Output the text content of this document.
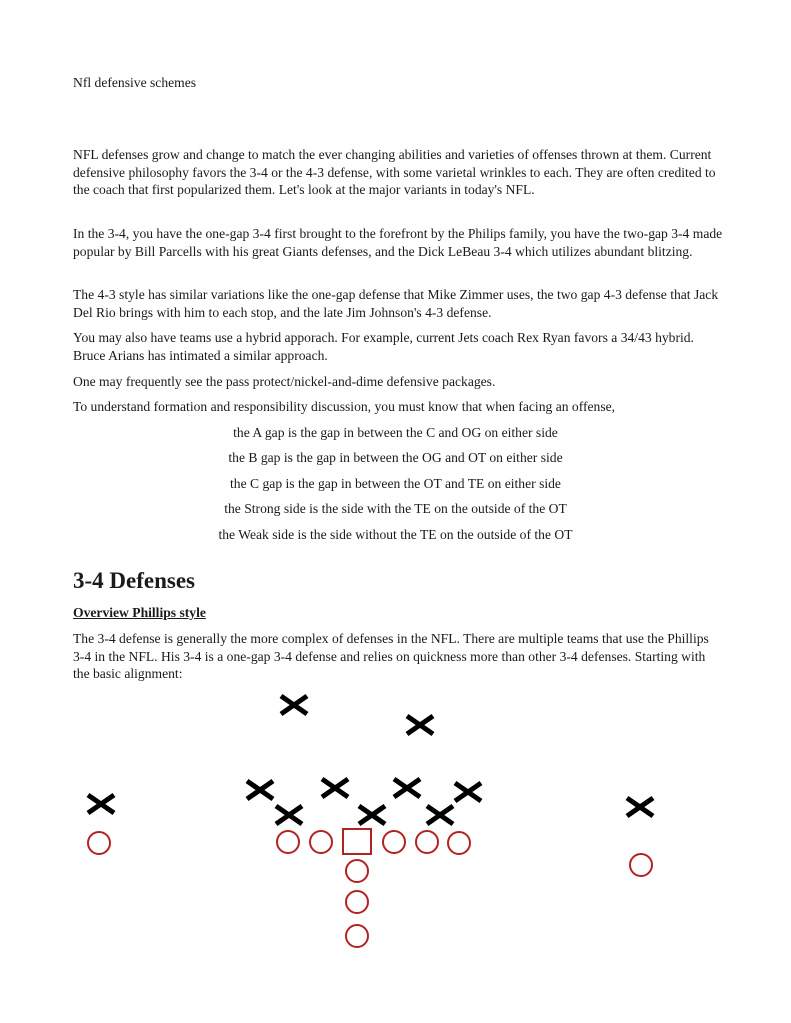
Nfl defensive schemes

NFL defenses grow and change to match the ever changing abilities and varieties of offenses thrown at them. Current defensive philosophy favors the 3-4 or the 4-3 defense, with some varietal wrinkles to each. They are often credited to the coach that first popularized them. Let's look at the major variants in today's NFL.

In the 3-4, you have the one-gap 3-4 first brought to the forefront by the Philips family, you have the two-gap 3-4 made popular by Bill Parcells with his great Giants defenses, and the Dick LeBeau 3-4 which utilizes abundant blitzing.

The 4-3 style has similar variations like the one-gap defense that Mike Zimmer uses, the two gap 4-3 defense that Jack Del Rio brings with him to each stop, and the late Jim Johnson's 4-3 defense.

You may also have teams use a hybrid apporach. For example, current Jets coach Rex Ryan favors a 34/43 hybrid. Bruce Arians has intimated a similar approach.

One may frequently see the pass protect/nickel-and-dime defensive packages.

To understand formation and responsibility discussion, you must know that when facing an offense,

the A gap is the gap in between the C and OG on either side

the B gap is the gap in between the OG and OT on either side

the C gap is the gap in between the OT and TE on either side

the Strong side is the side with the TE on the outside of the OT

the Weak side is the side without the TE on the outside of the OT

3-4 Defenses

Overview Phillips style

The 3-4 defense is generally the more complex of defenses in the NFL. There are multiple teams that use the Phillips 3-4 in the NFL. His 3-4 is a one-gap 3-4 defense and relies on quickness more than other 3-4 defenses. Starting with the basic alignment:
